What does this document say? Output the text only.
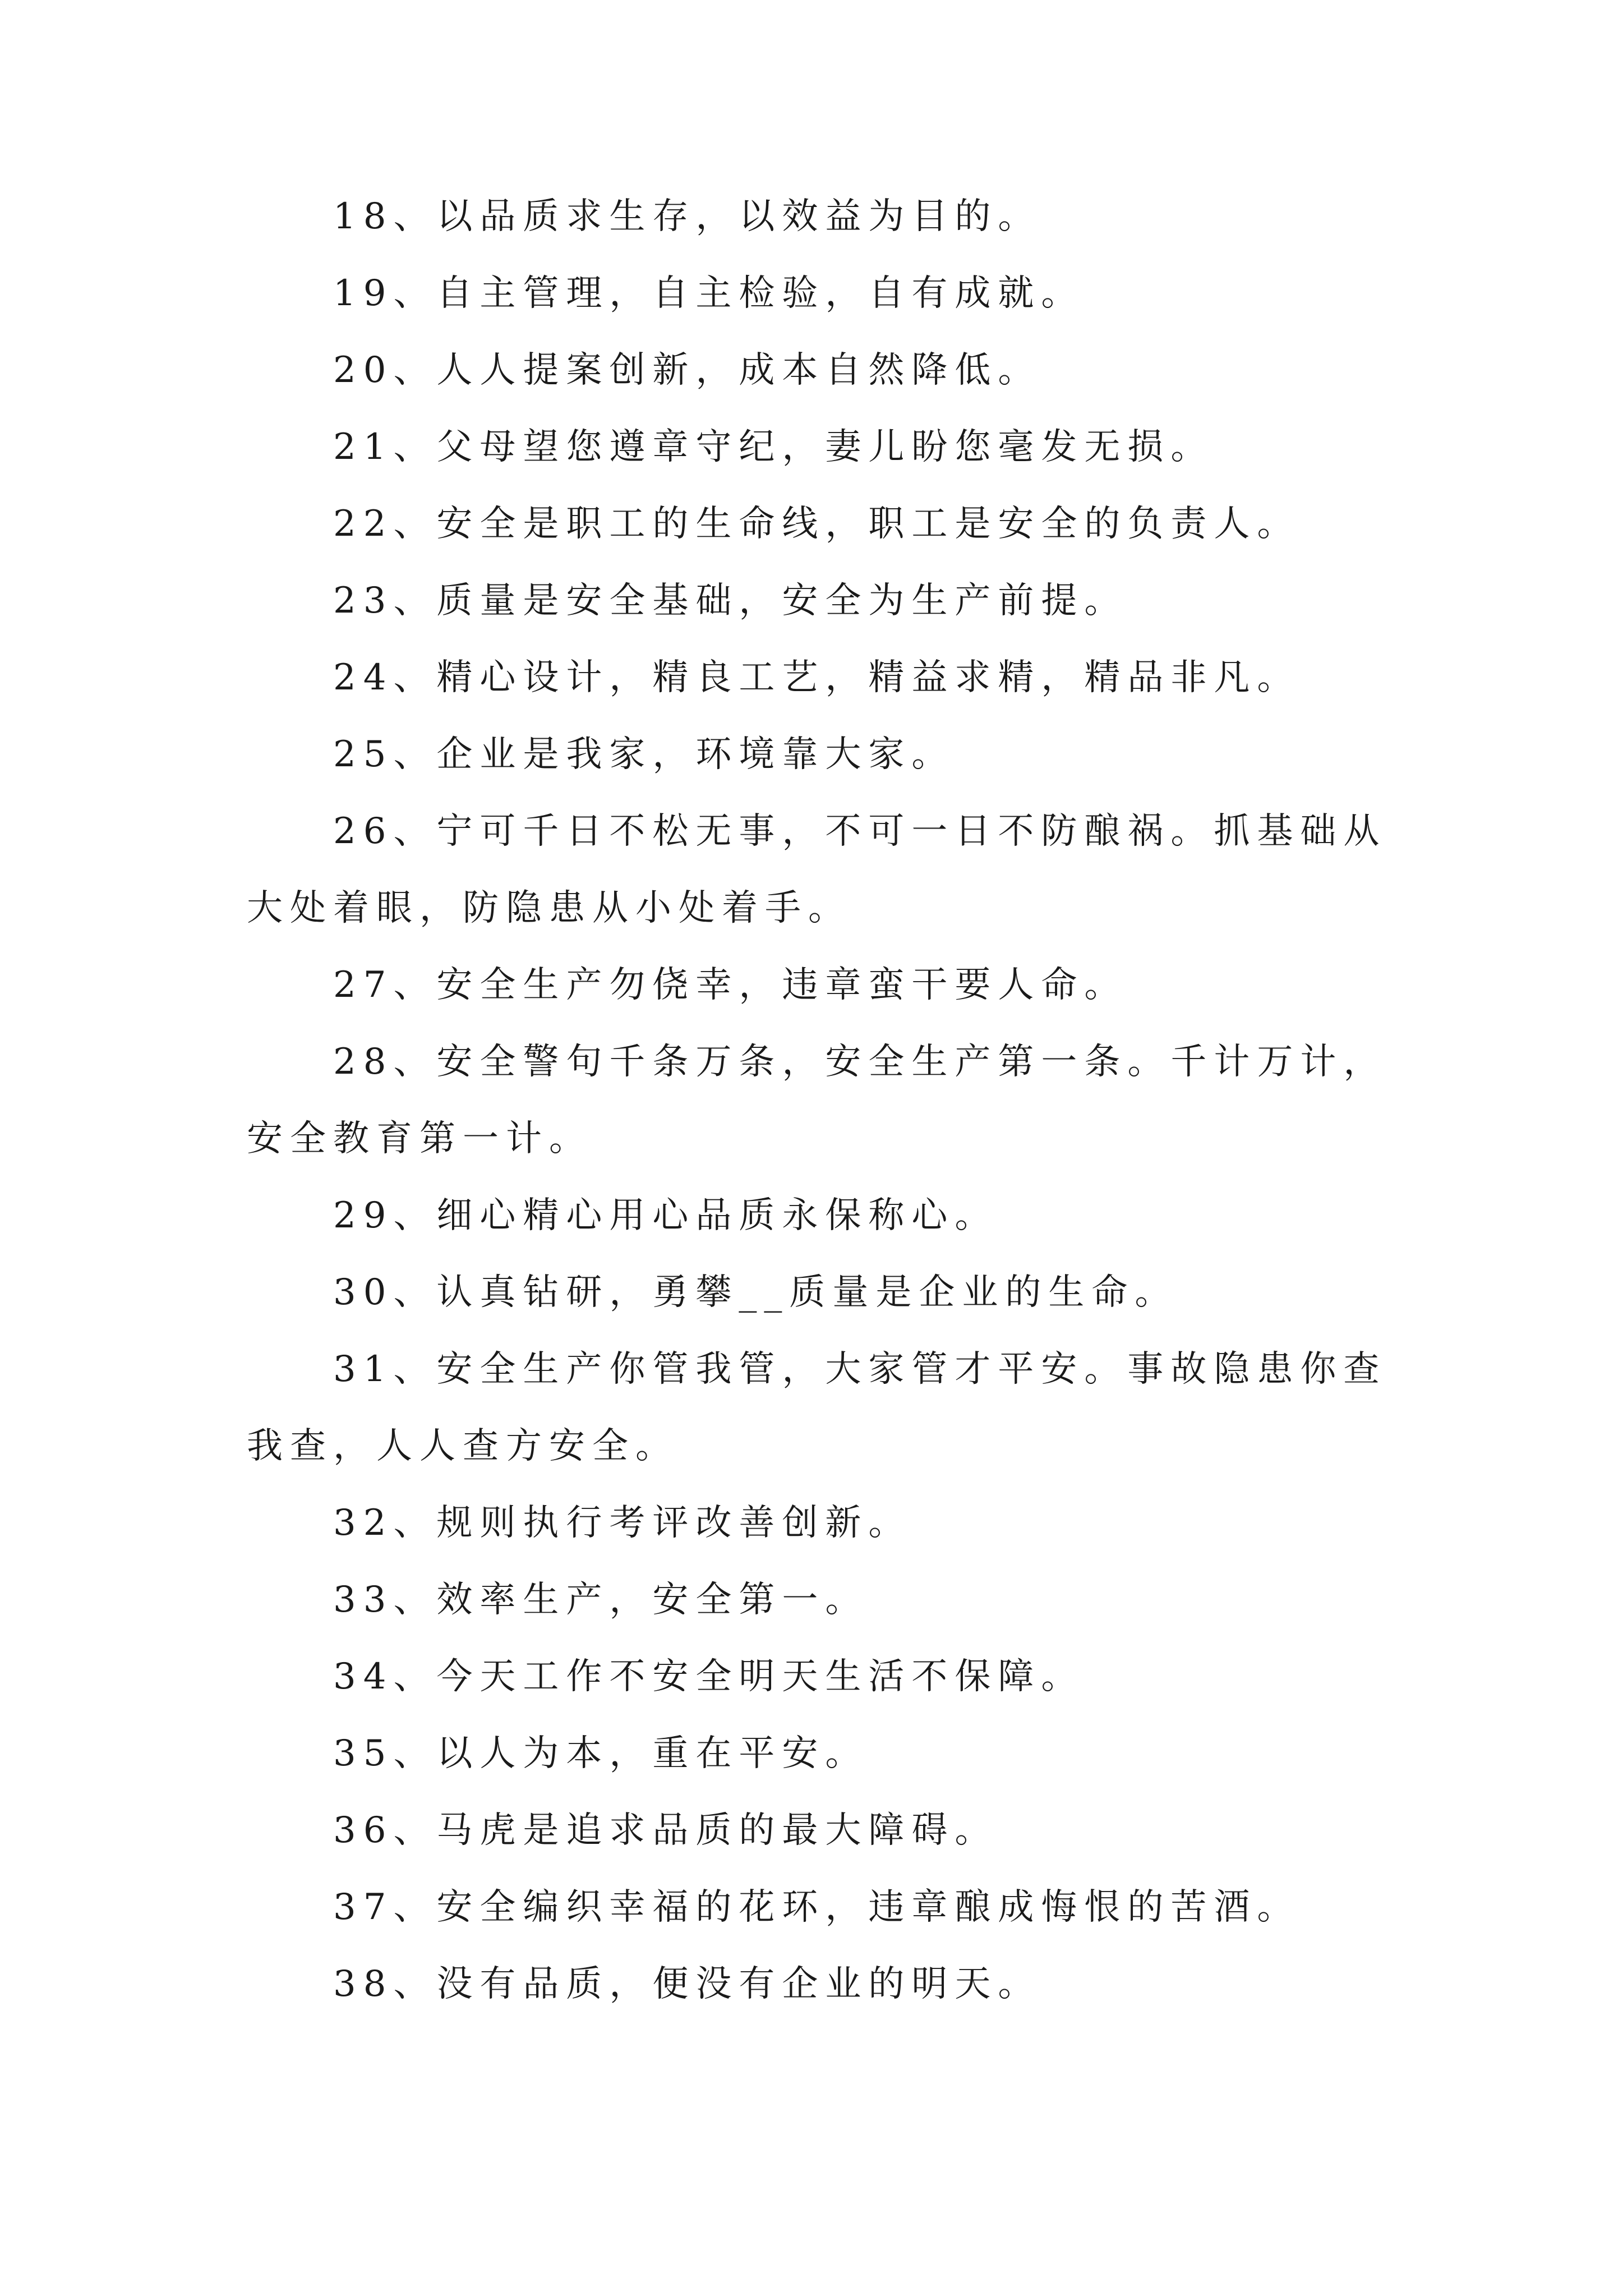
18、以品质求生存，以效益为目的。

19、自主管理，自主检验，自有成就。

20、人人提案创新，成本自然降低。

21、父母望您遵章守纪，妻儿盼您毫发无损。

22、安全是职工的生命线，职工是安全的负责人。

23、质量是安全基础，安全为生产前提。

24、精心设计，精良工艺，精益求精，精品非凡。

25、企业是我家，环境靠大家。

26、宁可千日不松无事，不可一日不防酿祸。抓基础从大处着眼，防隐患从小处着手。

27、安全生产勿侥幸，违章蛮干要人命。

28、安全警句千条万条，安全生产第一条。千计万计，安全教育第一计。

29、细心精心用心品质永保称心。

30、认真钻研，勇攀__质量是企业的生命。

31、安全生产你管我管，大家管才平安。事故隐患你查我查，人人查方安全。

32、规则执行考评改善创新。

33、效率生产，安全第一。

34、今天工作不安全明天生活不保障。

35、以人为本，重在平安。

36、马虎是追求品质的最大障碍。

37、安全编织幸福的花环，违章酿成悔恨的苦酒。

38、没有品质，便没有企业的明天。
